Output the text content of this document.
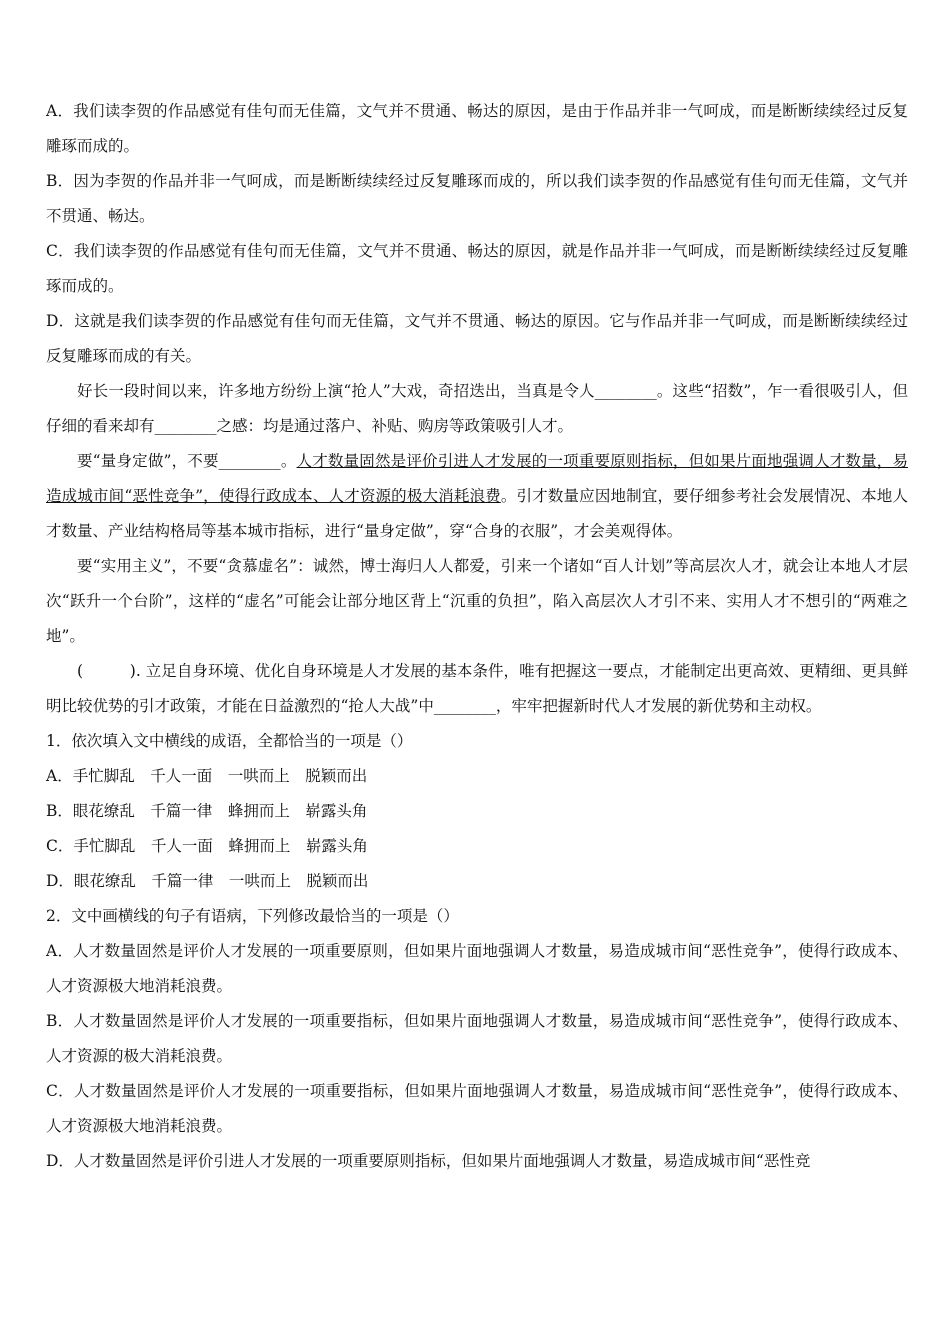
A．我们读李贺的作品感觉有佳句而无佳篇，文气并不贯通、畅达的原因，是由于作品并非一气呵成，而是断断续续经过反复雕琢而成的。

B．因为李贺的作品并非一气呵成，而是断断续续经过反复雕琢而成的，所以我们读李贺的作品感觉有佳句而无佳篇，文气并不贯通、畅达。

C．我们读李贺的作品感觉有佳句而无佳篇，文气并不贯通、畅达的原因，就是作品并非一气呵成，而是断断续续经过反复雕琢而成的。

D．这就是我们读李贺的作品感觉有佳句而无佳篇，文气并不贯通、畅达的原因。它与作品并非一气呵成，而是断断续续经过反复雕琢而成的有关。

好长一段时间以来，许多地方纷纷上演“抢人”大戏，奇招迭出，当真是令人________。这些“招数”，乍一看很吸引人，但仔细的看来却有________之感：均是通过落户、补贴、购房等政策吸引人才。

要“量身定做”，不要________。人才数量固然是评价引进人才发展的一项重要原则指标，但如果片面地强调人才数量，易造成城市间“恶性竞争”，使得行政成本、人才资源的极大消耗浪费。引才数量应因地制宜，要仔细参考社会发展情况、本地人才数量、产业结构格局等基本城市指标，进行“量身定做”，穿“合身的衣服”，才会美观得体。

要“实用主义”，不要“贪慕虚名”：诚然，博士海归人人都爱，引来一个诸如“百人计划”等高层次人才，就会让本地人才层次“跃升一个台阶”，这样的“虚名”可能会让部分地区背上“沉重的负担”，陷入高层次人才引不来、实用人才不想引的“两难之地”。

(　　　). 立足自身环境、优化自身环境是人才发展的基本条件，唯有把握这一要点，才能制定出更高效、更精细、更具鲜明比较优势的引才政策，才能在日益激烈的“抢人大战”中________，牢牢把握新时代人才发展的新优势和主动权。

1．依次填入文中横线的成语，全都恰当的一项是（）

A．手忙脚乱　千人一面　一哄而上　脱颖而出

B．眼花缭乱　千篇一律　蜂拥而上　崭露头角

C．手忙脚乱　千人一面　蜂拥而上　崭露头角

D．眼花缭乱　千篇一律　一哄而上　脱颖而出

2．文中画横线的句子有语病，下列修改最恰当的一项是（）

A．人才数量固然是评价人才发展的一项重要原则，但如果片面地强调人才数量，易造成城市间“恶性竞争”，使得行政成本、人才资源极大地消耗浪费。

B．人才数量固然是评价人才发展的一项重要指标，但如果片面地强调人才数量，易造成城市间“恶性竞争”，使得行政成本、人才资源的极大消耗浪费。

C．人才数量固然是评价人才发展的一项重要指标，但如果片面地强调人才数量，易造成城市间“恶性竞争”，使得行政成本、人才资源极大地消耗浪费。

D．人才数量固然是评价引进人才发展的一项重要原则指标，但如果片面地强调人才数量，易造成城市间“恶性竞
